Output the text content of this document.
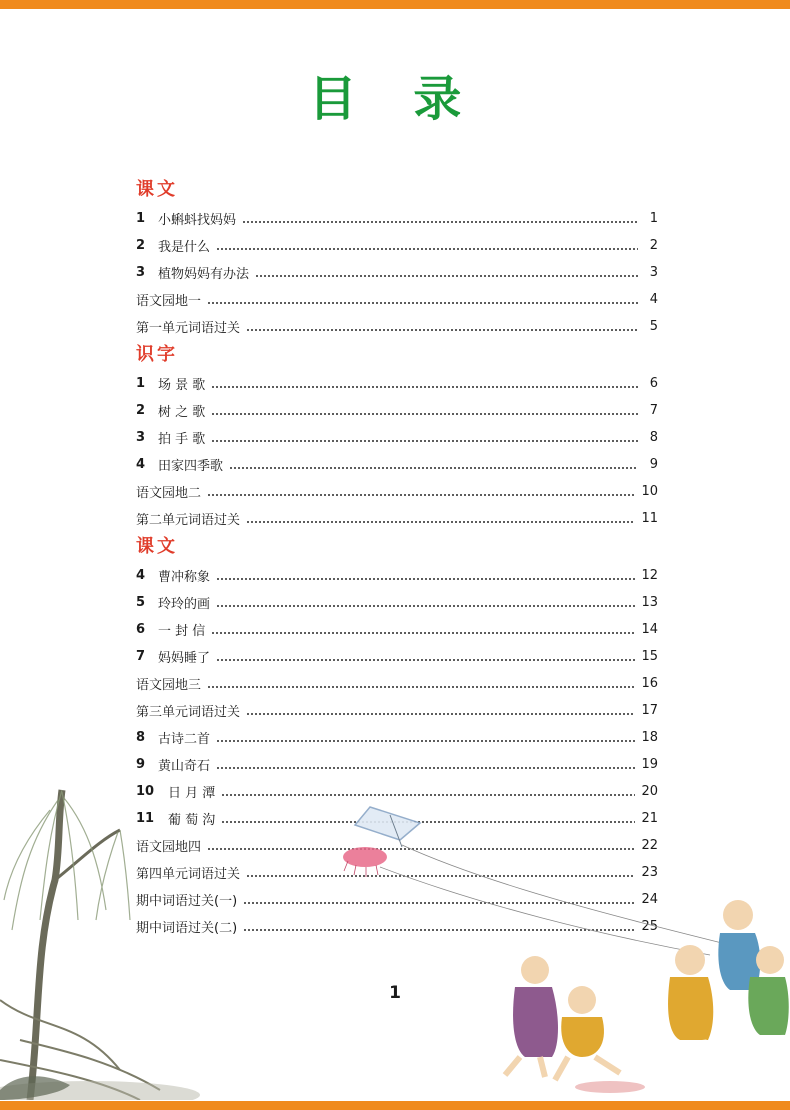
目 录
课文
1 小蝌蚪找妈妈	1
2 我是什么	2
3 植物妈妈有办法	3
语文园地一	4
第一单元词语过关	5
识字
1 场 景 歌	6
2 树 之 歌	7
3 拍 手 歌	8
4 田家四季歌	9
语文园地二	10
第二单元词语过关	11
课文
4 曹冲称象	12
5 玲玲的画	13
6 一 封 信	14
7 妈妈睡了	15
语文园地三	16
第三单元词语过关	17
8 古诗二首	18
9 黄山奇石	19
10	日 月 潭	20
11	葡 萄 沟	21
语文园地四	22
第四单元词语过关	23
期中词语过关(一)	24
期中词语过关(二)	25
1
